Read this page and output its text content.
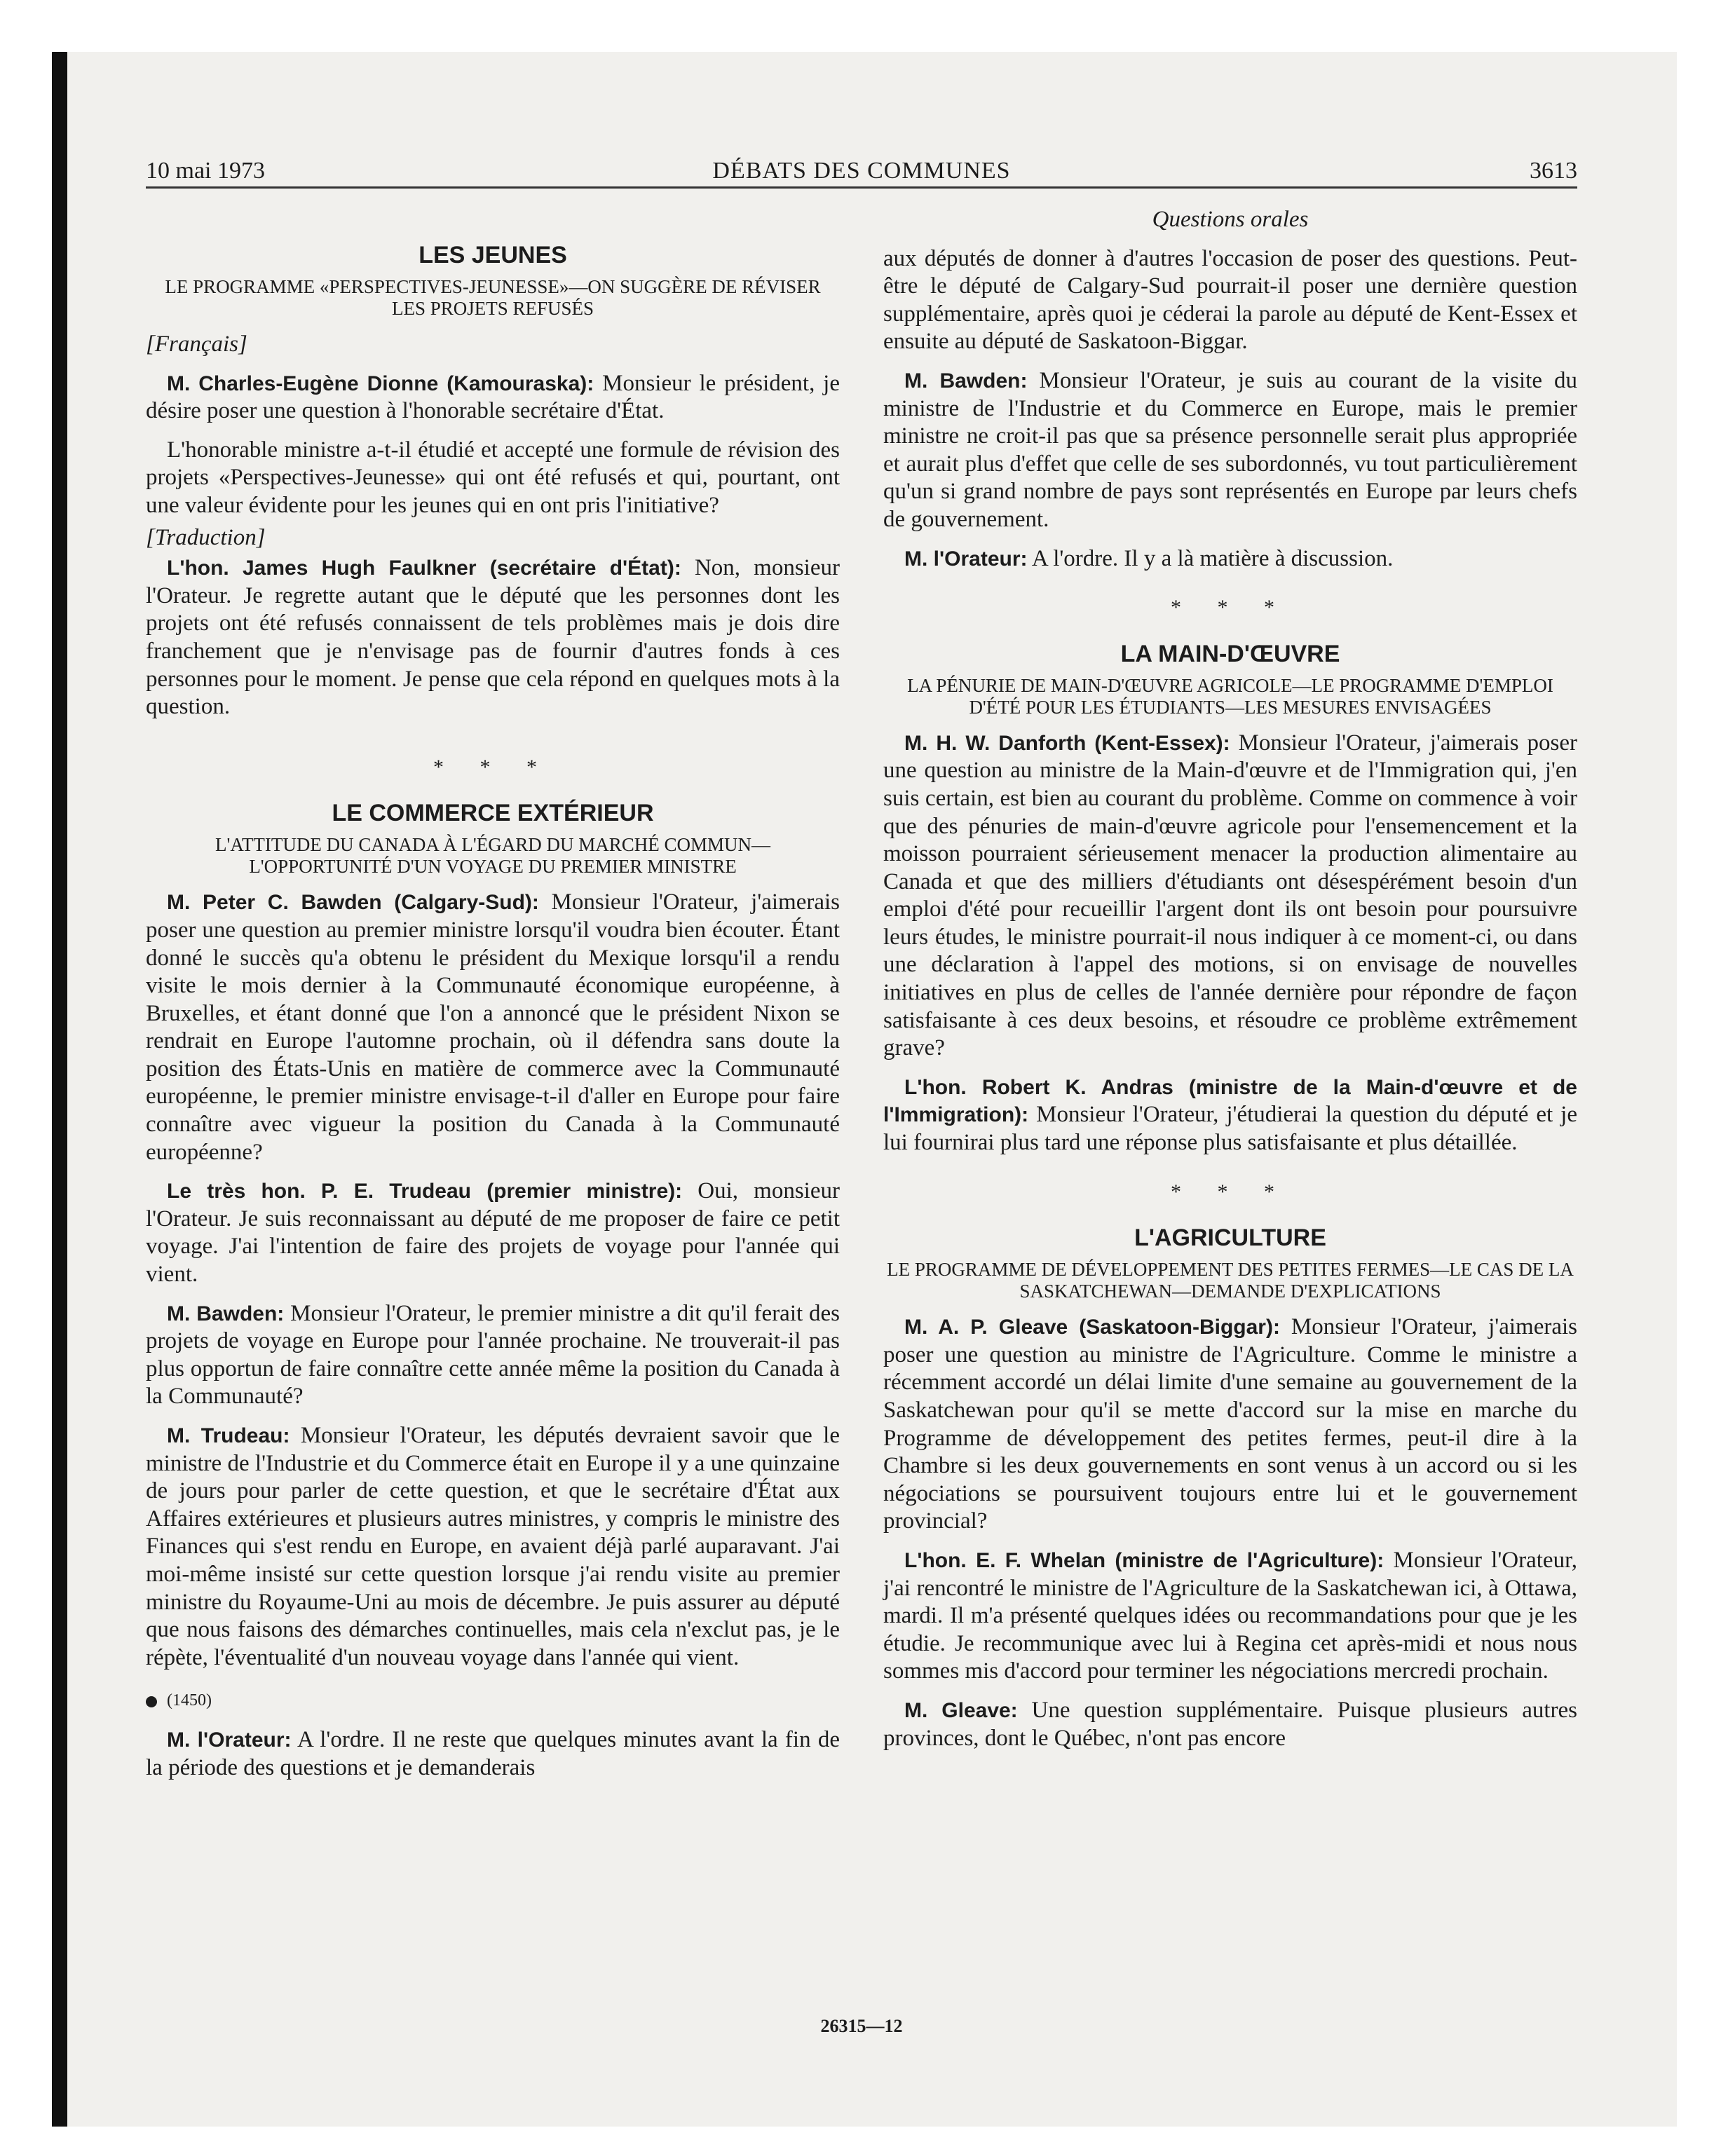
10 mai 1973	DÉBATS DES COMMUNES	3613
LES JEUNES
LE PROGRAMME «PERSPECTIVES-JEUNESSE»—ON SUGGÈRE DE RÉVISER LES PROJETS REFUSÉS

[Français]

M. Charles-Eugène Dionne (Kamouraska): Monsieur le président, je désire poser une question à l'honorable secrétaire d'État.

L'honorable ministre a-t-il étudié et accepté une formule de révision des projets «Perspectives-Jeunesse» qui ont été refusés et qui, pourtant, ont une valeur évidente pour les jeunes qui en ont pris l'initiative?

[Traduction]

L'hon. James Hugh Faulkner (secrétaire d'État): Non, monsieur l'Orateur. Je regrette autant que le député que les personnes dont les projets ont été refusés connaissent de tels problèmes mais je dois dire franchement que je n'envisage pas de fournir d'autres fonds à ces personnes pour le moment. Je pense que cela répond en quelques mots à la question.

* * *
LE COMMERCE EXTÉRIEUR
L'ATTITUDE DU CANADA À L'ÉGARD DU MARCHÉ COMMUN—L'OPPORTUNITÉ D'UN VOYAGE DU PREMIER MINISTRE

M. Peter C. Bawden (Calgary-Sud): Monsieur l'Orateur, j'aimerais poser une question au premier ministre lorsqu'il voudra bien écouter. Étant donné le succès qu'a obtenu le président du Mexique lorsqu'il a rendu visite le mois dernier à la Communauté économique européenne, à Bruxelles, et étant donné que l'on a annoncé que le président Nixon se rendrait en Europe l'automne prochain, où il défendra sans doute la position des États-Unis en matière de commerce avec la Communauté européenne, le premier ministre envisage-t-il d'aller en Europe pour faire connaître avec vigueur la position du Canada à la Communauté européenne?

Le très hon. P. E. Trudeau (premier ministre): Oui, monsieur l'Orateur. Je suis reconnaissant au député de me proposer de faire ce petit voyage. J'ai l'intention de faire des projets de voyage pour l'année qui vient.

M. Bawden: Monsieur l'Orateur, le premier ministre a dit qu'il ferait des projets de voyage en Europe pour l'année prochaine. Ne trouverait-il pas plus opportun de faire connaître cette année même la position du Canada à la Communauté?

M. Trudeau: Monsieur l'Orateur, les députés devraient savoir que le ministre de l'Industrie et du Commerce était en Europe il y a une quinzaine de jours pour parler de cette question, et que le secrétaire d'État aux Affaires extérieures et plusieurs autres ministres, y compris le ministre des Finances qui s'est rendu en Europe, en avaient déjà parlé auparavant. J'ai moi-même insisté sur cette question lorsque j'ai rendu visite au premier ministre du Royaume-Uni au mois de décembre. Je puis assurer au député que nous faisons des démarches continuelles, mais cela n'exclut pas, je le répète, l'éventualité d'un nouveau voyage dans l'année qui vient.

(1450)

M. l'Orateur: A l'ordre. Il ne reste que quelques minutes avant la fin de la période des questions et je demanderais

Questions orales

aux députés de donner à d'autres l'occasion de poser des questions. Peut-être le député de Calgary-Sud pourrait-il poser une dernière question supplémentaire, après quoi je céderai la parole au député de Kent-Essex et ensuite au député de Saskatoon-Biggar.

M. Bawden: Monsieur l'Orateur, je suis au courant de la visite du ministre de l'Industrie et du Commerce en Europe, mais le premier ministre ne croit-il pas que sa présence personnelle serait plus appropriée et aurait plus d'effet que celle de ses subordonnés, vu tout particulièrement qu'un si grand nombre de pays sont représentés en Europe par leurs chefs de gouvernement.

M. l'Orateur: A l'ordre. Il y a là matière à discussion.

* * *
LA MAIN-D'ŒUVRE
LA PÉNURIE DE MAIN-D'ŒUVRE AGRICOLE—LE PROGRAMME D'EMPLOI D'ÉTÉ POUR LES ÉTUDIANTS—LES MESURES ENVISAGÉES

M. H. W. Danforth (Kent-Essex): Monsieur l'Orateur, j'aimerais poser une question au ministre de la Main-d'œuvre et de l'Immigration qui, j'en suis certain, est bien au courant du problème. Comme on commence à voir que des pénuries de main-d'œuvre agricole pour l'ensemencement et la moisson pourraient sérieusement menacer la production alimentaire au Canada et que des milliers d'étudiants ont désespérément besoin d'un emploi d'été pour recueillir l'argent dont ils ont besoin pour poursuivre leurs études, le ministre pourrait-il nous indiquer à ce moment-ci, ou dans une déclaration à l'appel des motions, si on envisage de nouvelles initiatives en plus de celles de l'année dernière pour répondre de façon satisfaisante à ces deux besoins, et résoudre ce problème extrêmement grave?

L'hon. Robert K. Andras (ministre de la Main-d'œuvre et de l'Immigration): Monsieur l'Orateur, j'étudierai la question du député et je lui fournirai plus tard une réponse plus satisfaisante et plus détaillée.

* * *
L'AGRICULTURE
LE PROGRAMME DE DÉVELOPPEMENT DES PETITES FERMES—LE CAS DE LA SASKATCHEWAN—DEMANDE D'EXPLICATIONS

M. A. P. Gleave (Saskatoon-Biggar): Monsieur l'Orateur, j'aimerais poser une question au ministre de l'Agriculture. Comme le ministre a récemment accordé un délai limite d'une semaine au gouvernement de la Saskatchewan pour qu'il se mette d'accord sur la mise en marche du Programme de développement des petites fermes, peut-il dire à la Chambre si les deux gouvernements en sont venus à un accord ou si les négociations se poursuivent toujours entre lui et le gouvernement provincial?

L'hon. E. F. Whelan (ministre de l'Agriculture): Monsieur l'Orateur, j'ai rencontré le ministre de l'Agriculture de la Saskatchewan ici, à Ottawa, mardi. Il m'a présenté quelques idées ou recommandations pour que je les étudie. Je recommunique avec lui à Regina cet après-midi et nous nous sommes mis d'accord pour terminer les négociations mercredi prochain.

M. Gleave: Une question supplémentaire. Puisque plusieurs autres provinces, dont le Québec, n'ont pas encore

26315—12
